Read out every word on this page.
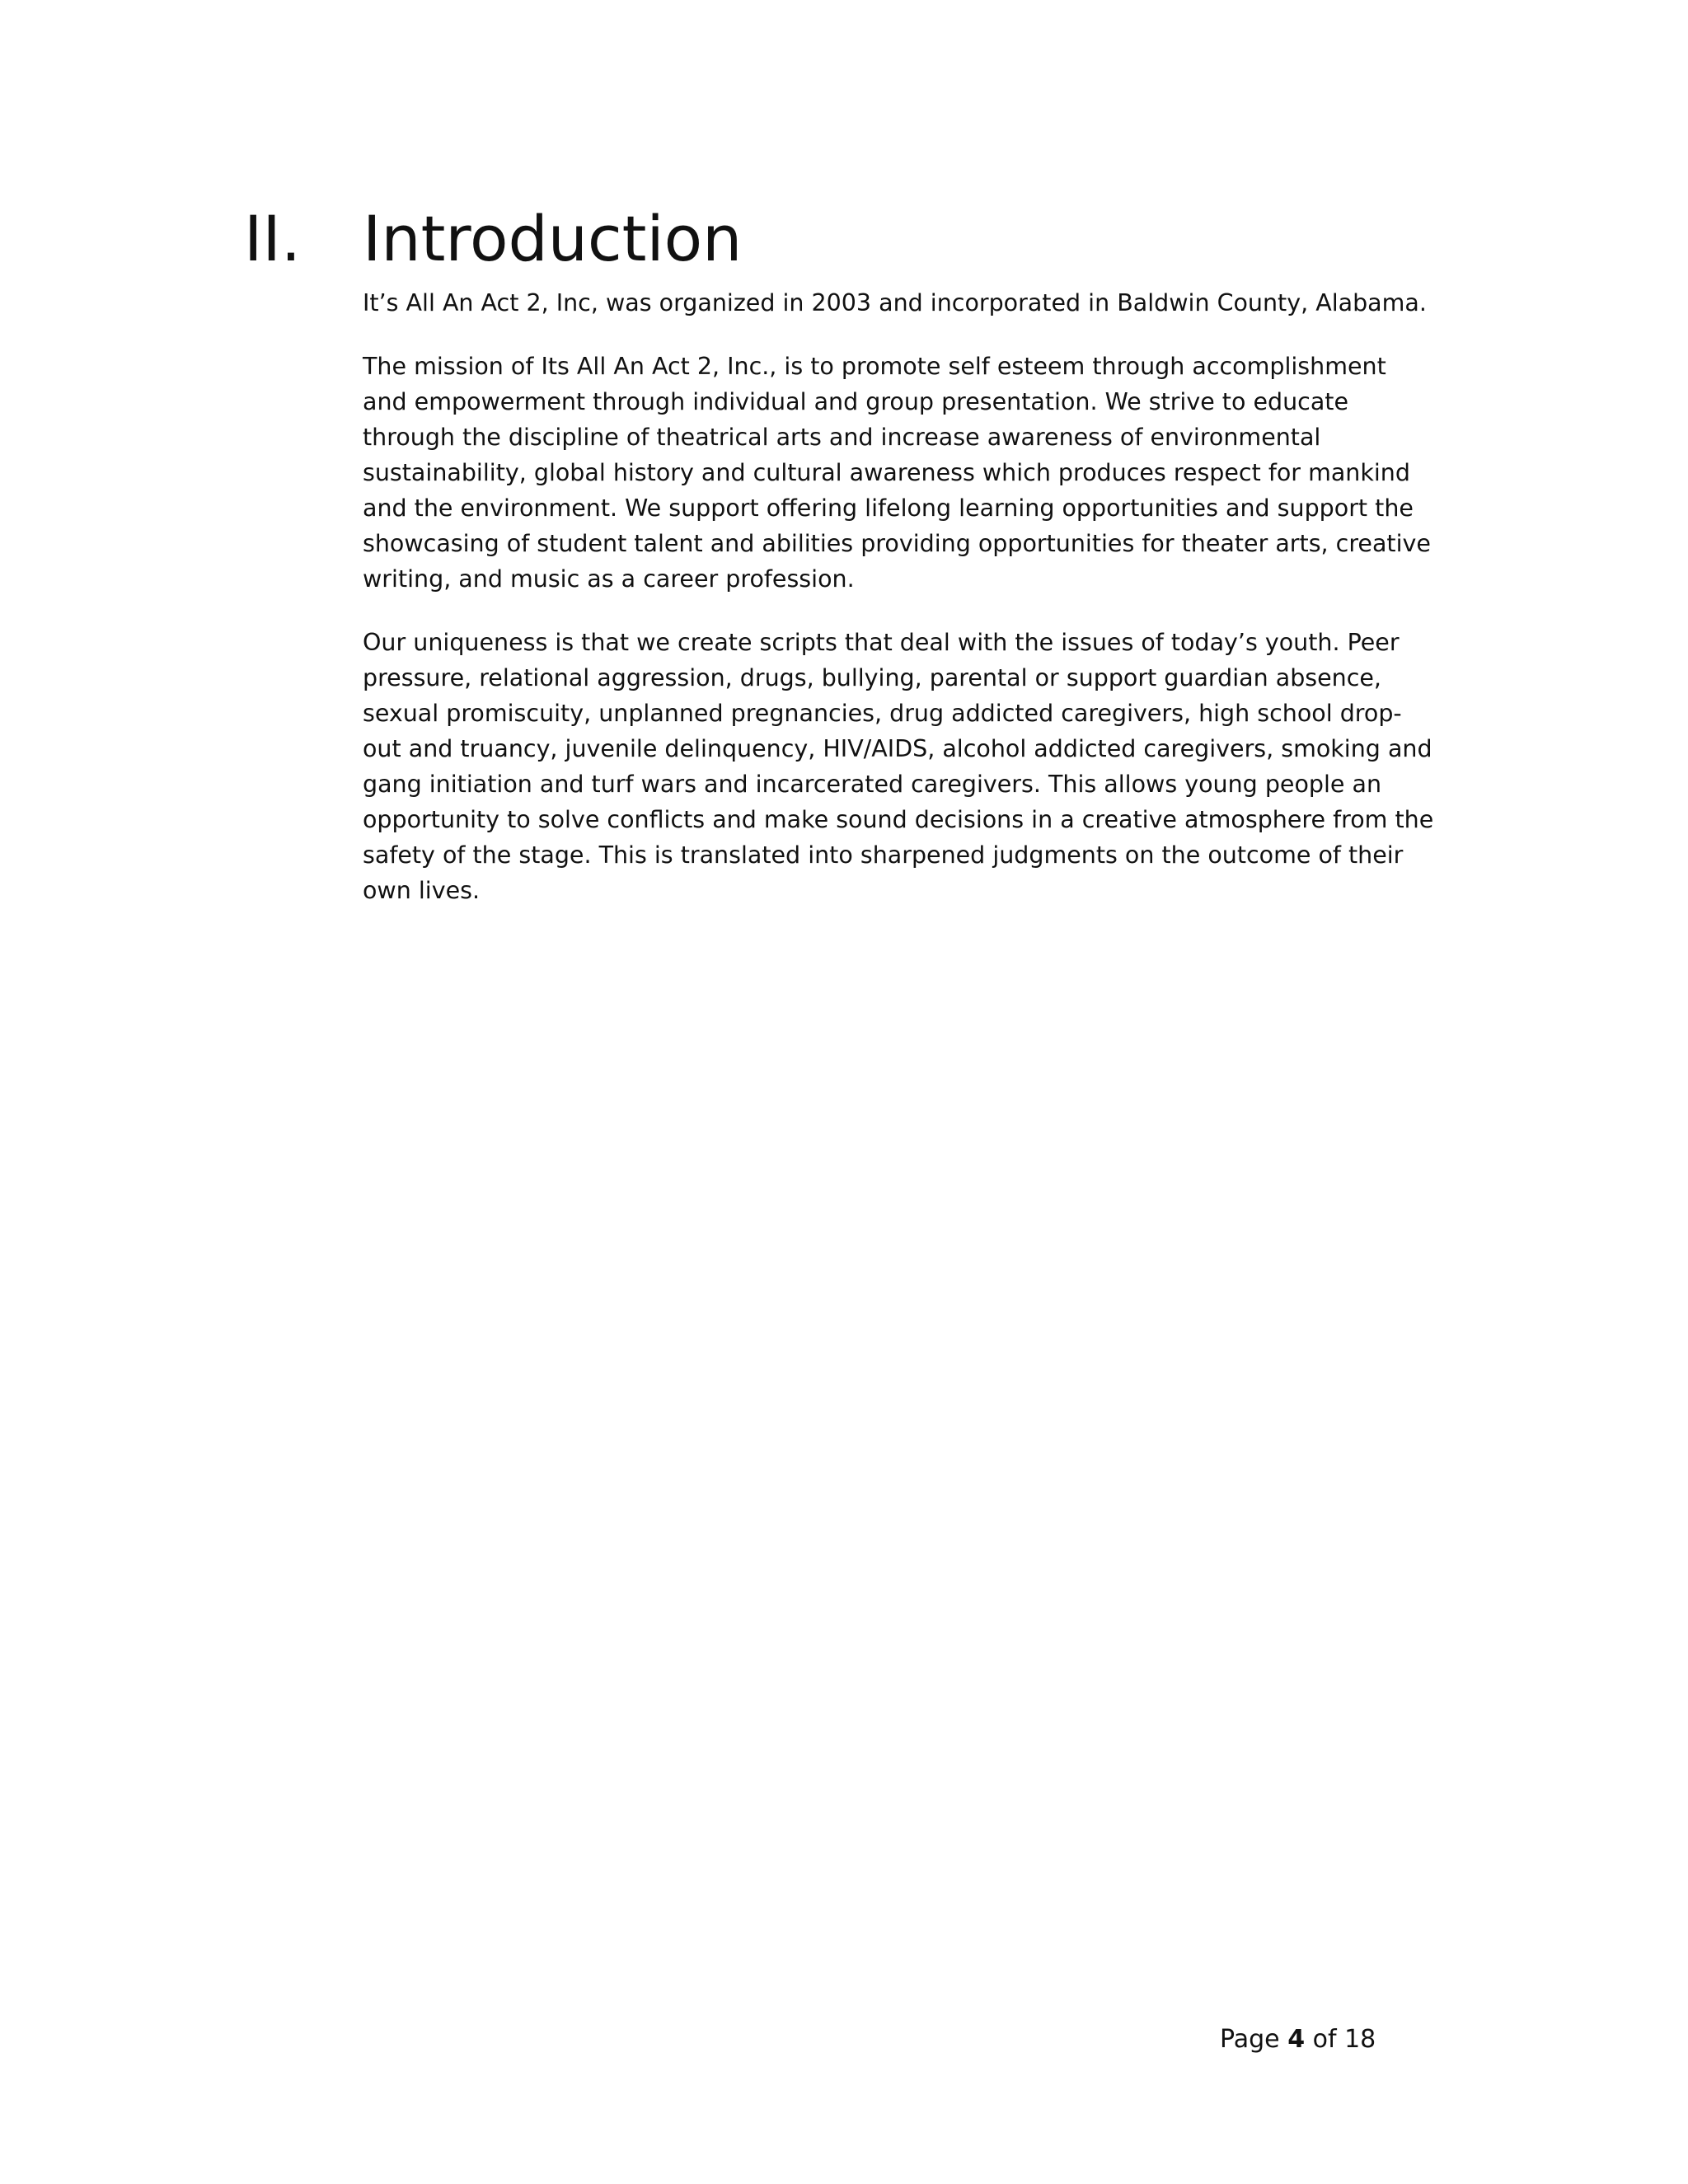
II. Introduction

It’s All An Act 2, Inc, was organized in 2003 and incorporated in Baldwin County, Alabama.

The mission of Its All An Act 2, Inc., is to promote self esteem through accomplishment and empowerment through individual and group presentation. We strive to educate through the discipline of theatrical arts and increase awareness of environmental sustainability, global history and cultural awareness which produces respect for mankind and the environment. We support offering lifelong learning opportunities and support the showcasing of student talent and abilities providing opportunities for theater arts, creative writing, and music as a career profession.

Our uniqueness is that we create scripts that deal with the issues of today’s youth. Peer pressure, relational aggression, drugs, bullying, parental or support guardian absence, sexual promiscuity, unplanned pregnancies, drug addicted caregivers, high school drop-out and truancy, juvenile delinquency, HIV/AIDS, alcohol addicted caregivers, smoking and gang initiation and turf wars and incarcerated caregivers. This allows young people an opportunity to solve conflicts and make sound decisions in a creative atmosphere from the safety of the stage. This is translated into sharpened judgments on the outcome of their own lives.

Page 4 of 18
